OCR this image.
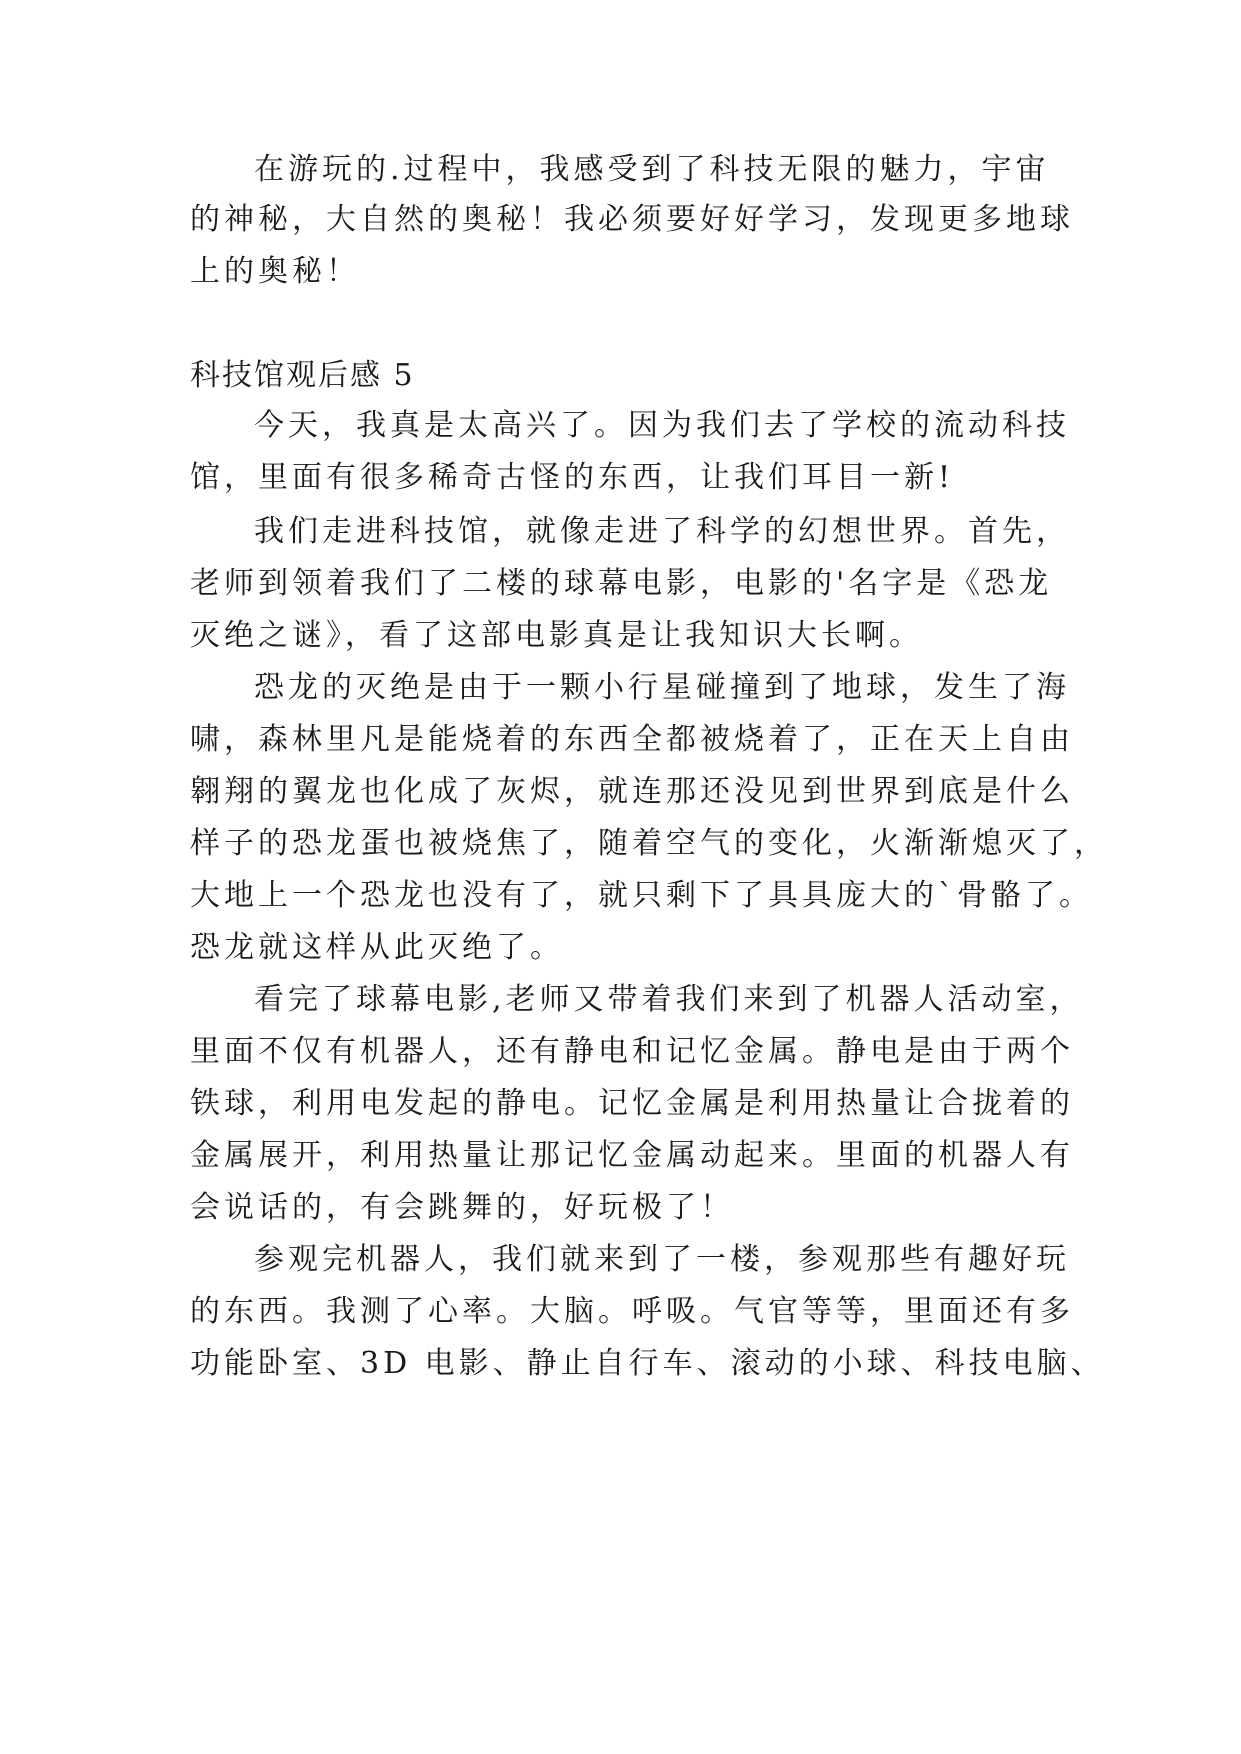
在游玩的.过程中，我感受到了科技无限的魅力，宇宙
的神秘，大自然的奥秘！我必须要好好学习，发现更多地球
上的奥秘！
科技馆观后感 5
今天，我真是太高兴了。因为我们去了学校的流动科技
馆，里面有很多稀奇古怪的东西，让我们耳目一新!
我们走进科技馆，就像走进了科学的幻想世界。首先，
老师到领着我们了二楼的球幕电影，电影的'名字是《恐龙
灭绝之谜》，看了这部电影真是让我知识大长啊。
恐龙的灭绝是由于一颗小行星碰撞到了地球，发生了海
啸，森林里凡是能烧着的东西全都被烧着了，正在天上自由
翱翔的翼龙也化成了灰烬，就连那还没见到世界到底是什么
样子的恐龙蛋也被烧焦了，随着空气的变化，火渐渐熄灭了，
大地上一个恐龙也没有了，就只剩下了具具庞大的`骨骼了。
恐龙就这样从此灭绝了。
看完了球幕电影,老师又带着我们来到了机器人活动室，
里面不仅有机器人，还有静电和记忆金属。静电是由于两个
铁球，利用电发起的静电。记忆金属是利用热量让合拢着的
金属展开，利用热量让那记忆金属动起来。里面的机器人有
会说话的，有会跳舞的，好玩极了！
参观完机器人，我们就来到了一楼，参观那些有趣好玩
的东西。我测了心率。大脑。呼吸。气官等等，里面还有多
功能卧室、3D 电影、静止自行车、滚动的小球、科技电脑、
